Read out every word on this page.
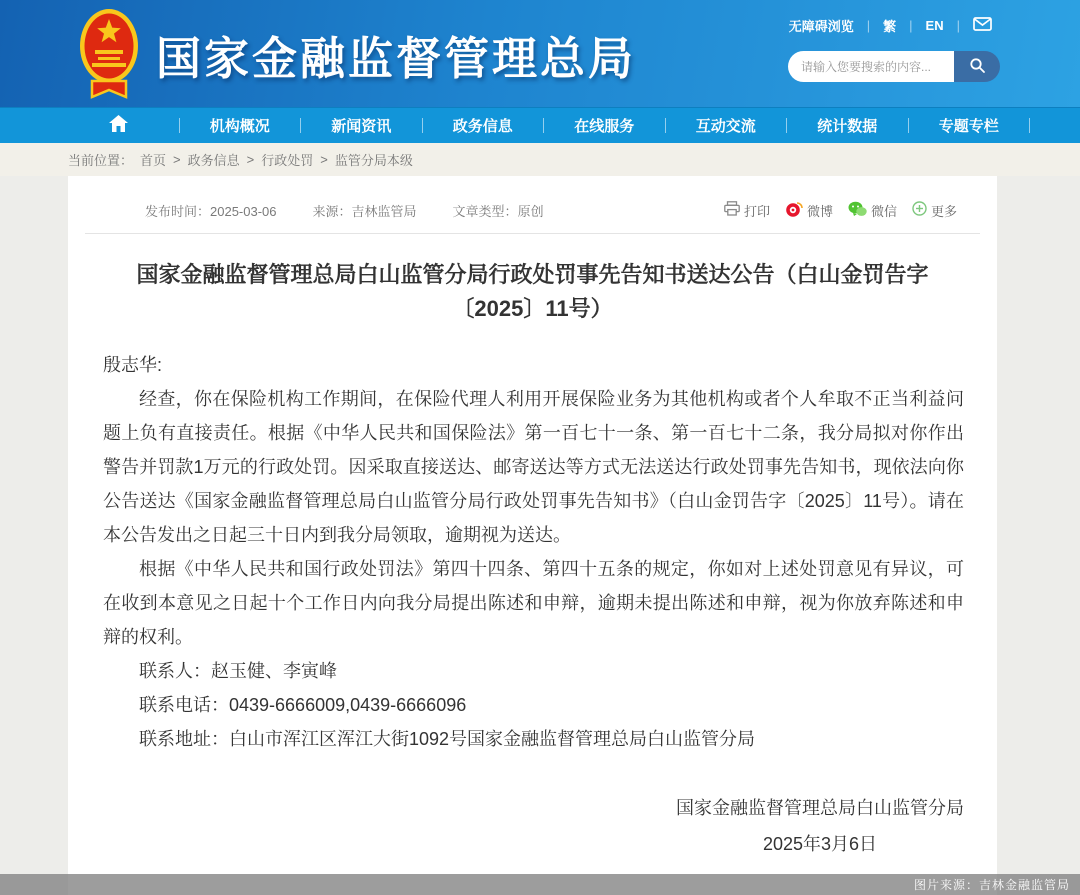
国家金融监督管理总局
无障碍浏览 | 繁 | EN |
请输入您要搜索的内容...
机构概况	新闻资讯	政务信息	在线服务	互动交流	统计数据	专题专栏
当前位置： 首页 > 政务信息 > 行政处罚 > 监管分局本级
发布时间：2025-03-06	来源：吉林监管局	文章类型：原创	打印	微博	微信	更多
国家金融监督管理总局白山监管分局行政处罚事先告知书送达公告（白山金罚告字〔2025〕11号）

殷志华:

经查，你在保险机构工作期间，在保险代理人利用开展保险业务为其他机构或者个人牟取不正当利益问题上负有直接责任。根据《中华人民共和国保险法》第一百七十一条、第一百七十二条，我分局拟对你作出警告并罚款1万元的行政处罚。因采取直接送达、邮寄送达等方式无法送达行政处罚事先告知书，现依法向你公告送达《国家金融监督管理总局白山监管分局行政处罚事先告知书》（白山金罚告字〔2025〕11号）。请在本公告发出之日起三十日内到我分局领取，逾期视为送达。

根据《中华人民共和国行政处罚法》第四十四条、第四十五条的规定，你如对上述处罚意见有异议，可在收到本意见之日起十个工作日内向我分局提出陈述和申辩，逾期未提出陈述和申辩，视为你放弃陈述和申辩的权利。

联系人：赵玉健、李寅峰

联系电话：0439-6666009,0439-6666096

联系地址：白山市浑江区浑江大街1092号国家金融监督管理总局白山监管分局

国家金融监督管理总局白山监管分局
2025年3月6日
图片来源：吉林金融监管局
